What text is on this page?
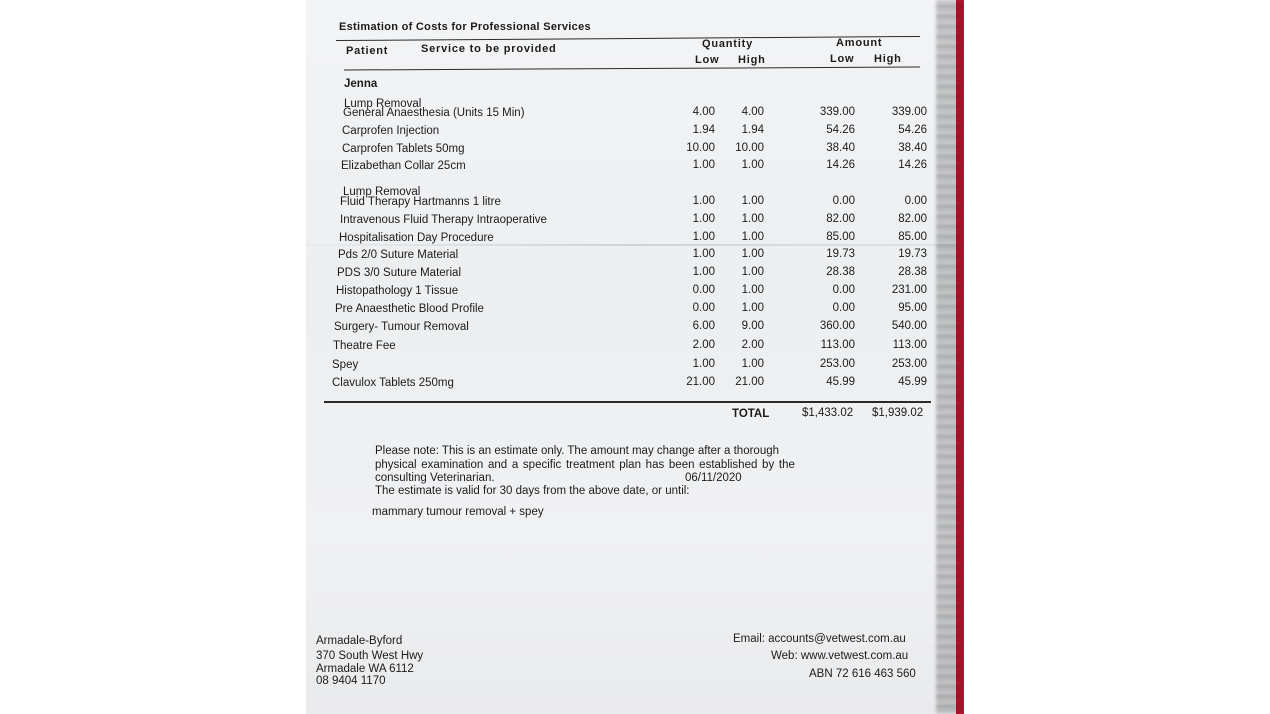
Estimation of Costs for Professional Services
Patient	Service to be provided	Quantity	Amount
Low High	Low High
Jenna
Lump Removal
Lump Removal
General Anaesthesia (Units 15 Min)	4.00 4.00	339.00	339.00
Carprofen Injection	1.94 1.94	54.26	54.26
Carprofen Tablets 50mg	10.00 10.00	38.40	38.40
Elizabethan Collar 25cm	1.00 1.00	14.26	14.26
Fluid Therapy Hartmanns 1 litre	1.00 1.00	0.00	0.00
Intravenous Fluid Therapy Intraoperative	1.00 1.00	82.00	82.00
Hospitalisation Day Procedure	1.00 1.00	85.00	85.00
Pds 2/0 Suture Material	1.00 1.00	19.73	19.73
PDS 3/0 Suture Material	1.00 1.00	28.38	28.38
Histopathology 1 Tissue	0.00 1.00	0.00	231.00
Pre Anaesthetic Blood Profile	0.00 1.00	0.00	95.00
Surgery- Tumour Removal	6.00 9.00	360.00	540.00
Theatre Fee	2.00 2.00	113.00	113.00
Spey	1.00 1.00	253.00	253.00
Clavulox Tablets 250mg	21.00 21.00	45.99	45.99
TOTAL	$1,433.02 $1,939.02
Please note: This is an estimate only. The amount may change after a thorough
physical examination and a specific treatment plan has been established by the
consulting Veterinarian.	06/11/2020
The estimate is valid for 30 days from the above date, or until:
mammary tumour removal + spey
Armadale-Byford
370 South West Hwy
Armadale WA 6112
08 9404 1170
Email: accounts@vetwest.com.au
Web: www.vetwest.com.au
ABN 72 616 463 560
